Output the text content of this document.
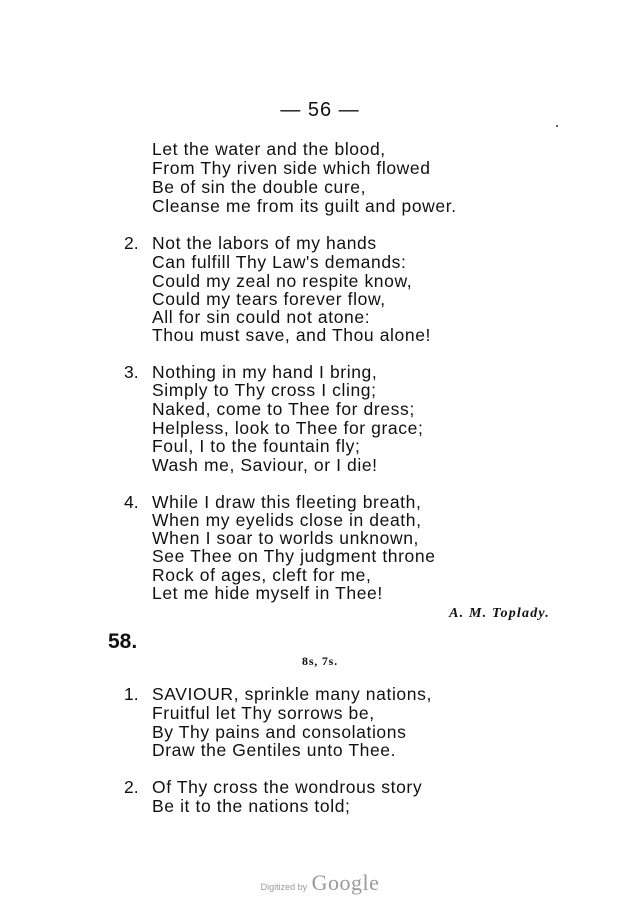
— 56 —
Let the water and the blood,
From Thy riven side which flowed
Be of sin the double cure,
Cleanse me from its guilt and power.
2. Not the labors of my hands
Can fulfill Thy Law's demands:
Could my zeal no respite know,
Could my tears forever flow,
All for sin could not atone:
Thou must save, and Thou alone!
3. Nothing in my hand I bring,
Simply to Thy cross I cling;
Naked, come to Thee for dress;
Helpless, look to Thee for grace;
Foul, I to the fountain fly;
Wash me, Saviour, or I die!
4. While I draw this fleeting breath,
When my eyelids close in death,
When I soar to worlds unknown,
See Thee on Thy judgment throne
Rock of ages, cleft for me,
Let me hide myself in Thee!
A. M. Toplady.
58.
8s, 7s.
1. SAVIOUR, sprinkle many nations,
Fruitful let Thy sorrows be,
By Thy pains and consolations
Draw the Gentiles unto Thee.
2. Of Thy cross the wondrous story
Be it to the nations told;
Digitized by Google
